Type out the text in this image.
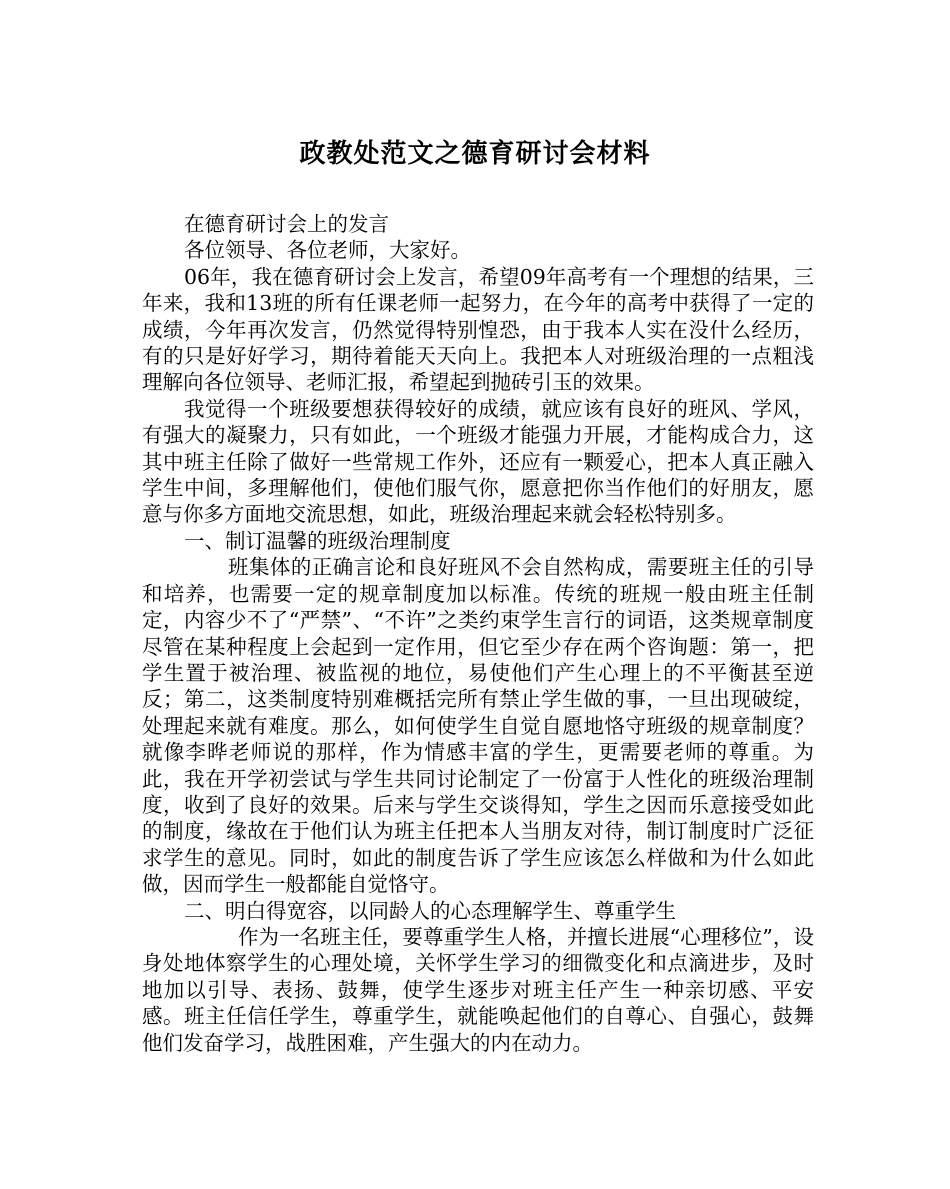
政教处范文之德育研讨会材料

在德育研讨会上的发言

各位领导、各位老师，大家好。

06年，我在德育研讨会上发言，希望09年高考有一个理想的结果，三年来，我和13班的所有任课老师一起努力，在今年的高考中获得了一定的成绩，今年再次发言，仍然觉得特别惶恐，由于我本人实在没什么经历，有的只是好好学习，期待着能天天向上。我把本人对班级治理的一点粗浅理解向各位领导、老师汇报，希望起到抛砖引玉的效果。

我觉得一个班级要想获得较好的成绩，就应该有良好的班风、学风，有强大的凝聚力，只有如此，一个班级才能强力开展，才能构成合力，这其中班主任除了做好一些常规工作外，还应有一颗爱心，把本人真正融入学生中间，多理解他们，使他们服气你，愿意把你当作他们的好朋友，愿意与你多方面地交流思想，如此，班级治理起来就会轻松特别多。

一、制订温馨的班级治理制度

班集体的正确言论和良好班风不会自然构成，需要班主任的引导和培养，也需要一定的规章制度加以标准。传统的班规一般由班主任制定，内容少不了“严禁”、“不许”之类约束学生言行的词语，这类规章制度尽管在某种程度上会起到一定作用，但它至少存在两个咨询题：第一，把学生置于被治理、被监视的地位，易使他们产生心理上的不平衡甚至逆反；第二，这类制度特别难概括完所有禁止学生做的事，一旦出现破绽，处理起来就有难度。那么，如何使学生自觉自愿地恪守班级的规章制度？就像李晔老师说的那样，作为情感丰富的学生，更需要老师的尊重。为此，我在开学初尝试与学生共同讨论制定了一份富于人性化的班级治理制度，收到了良好的效果。后来与学生交谈得知，学生之因而乐意接受如此的制度，缘故在于他们认为班主任把本人当朋友对待，制订制度时广泛征求学生的意见。同时，如此的制度告诉了学生应该怎么样做和为什么如此做，因而学生一般都能自觉恪守。

二、明白得宽容，以同龄人的心态理解学生、尊重学生

作为一名班主任，要尊重学生人格，并擅长进展“心理移位”，设身处地体察学生的心理处境，关怀学生学习的细微变化和点滴进步，及时地加以引导、表扬、鼓舞，使学生逐步对班主任产生一种亲切感、平安感。班主任信任学生，尊重学生，就能唤起他们的自尊心、自强心，鼓舞他们发奋学习，战胜困难，产生强大的内在动力。
